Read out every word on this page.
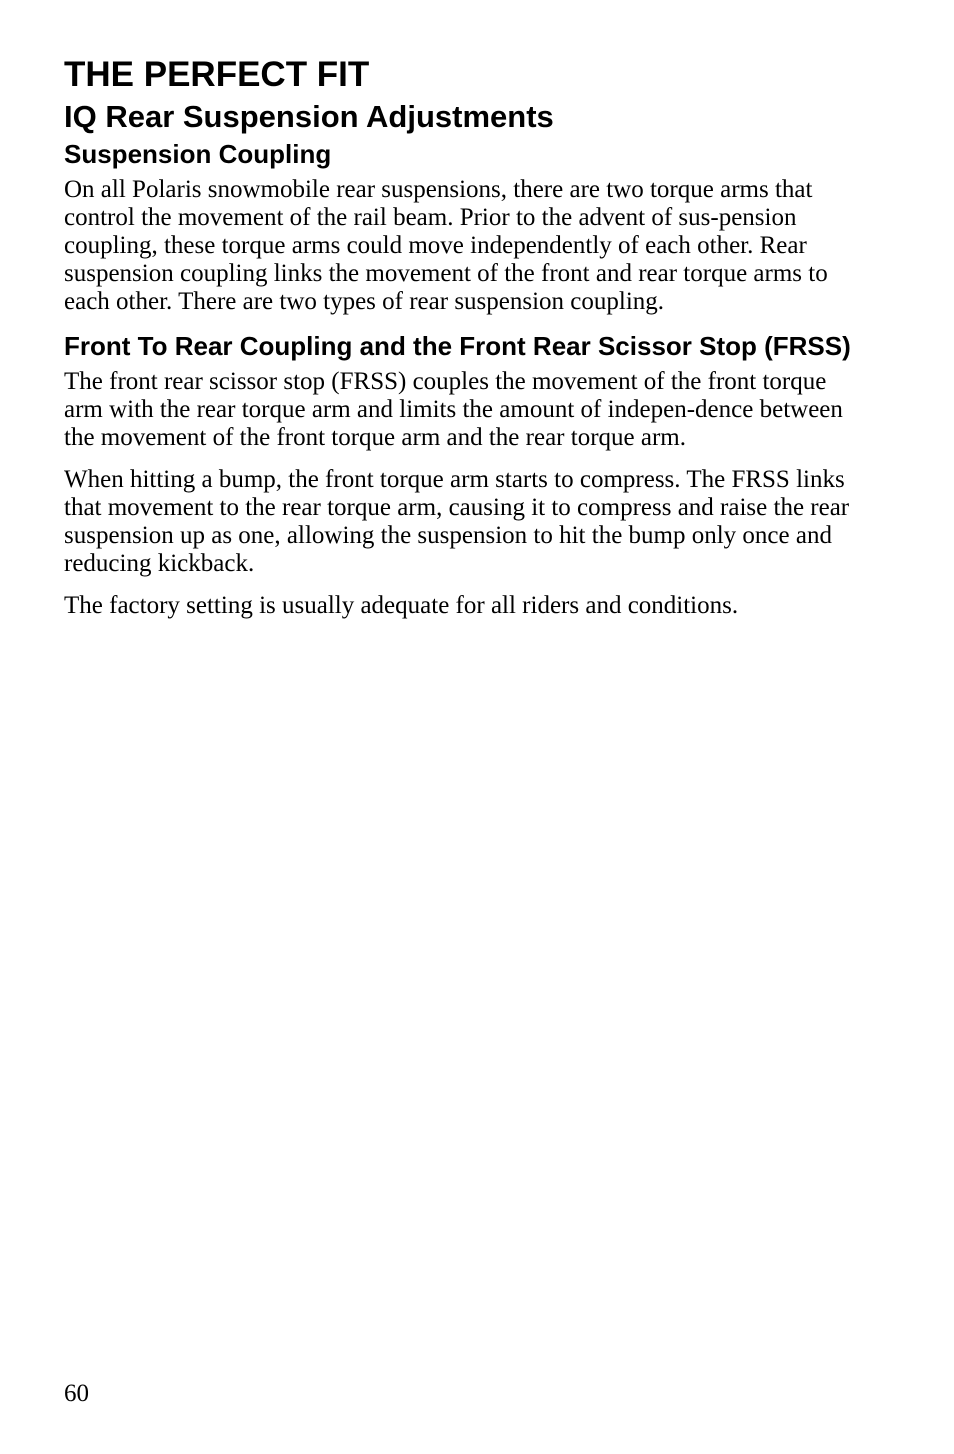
THE PERFECT FIT
IQ Rear Suspension Adjustments
Suspension Coupling

On all Polaris snowmobile rear suspensions, there are two torque arms that control the movement of the rail beam. Prior to the advent of sus-pension coupling, these torque arms could move independently of each other. Rear suspension coupling links the movement of the front and rear torque arms to each other. There are two types of rear suspension coupling.

Front To Rear Coupling and the Front Rear Scissor Stop (FRSS)

The front rear scissor stop (FRSS) couples the movement of the front torque arm with the rear torque arm and limits the amount of indepen-dence between the movement of the front torque arm and the rear torque arm.

When hitting a bump, the front torque arm starts to compress. The FRSS links that movement to the rear torque arm, causing it to compress and raise the rear suspension up as one, allowing the suspension to hit the bump only once and reducing kickback.

The factory setting is usually adequate for all riders and conditions.

60
